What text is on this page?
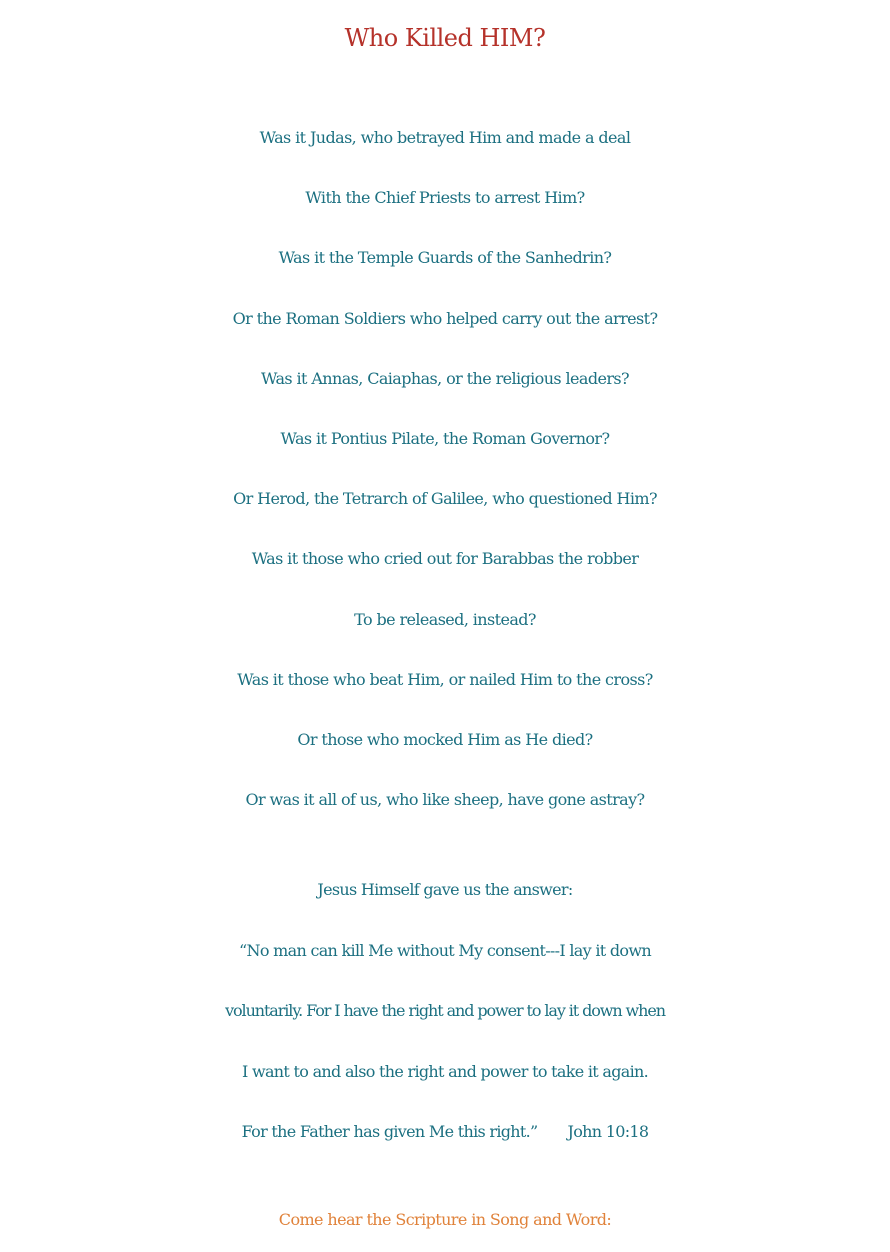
Who Killed HIM?
Was it Judas, who betrayed Him and made a deal
With the Chief Priests to arrest Him?
Was it the Temple Guards of the Sanhedrin?
Or the Roman Soldiers who helped carry out the arrest?
Was it Annas, Caiaphas, or the religious leaders?
Was it Pontius Pilate, the Roman Governor?
Or Herod, the Tetrarch of Galilee, who questioned Him?
Was it those who cried out for Barabbas the robber
To be released, instead?
Was it those who beat Him, or nailed Him to the cross?
Or those who mocked Him as He died?
Or was it all of us, who like sheep, have gone astray?
Jesus Himself gave us the answer:
“No man can kill Me without My consent---I lay it down
voluntarily. For I have the right and power to lay it down when
I want to and also the right and power to take it again.
For the Father has given Me this right.” John 10:18
Come hear the Scripture in Song and Word:
